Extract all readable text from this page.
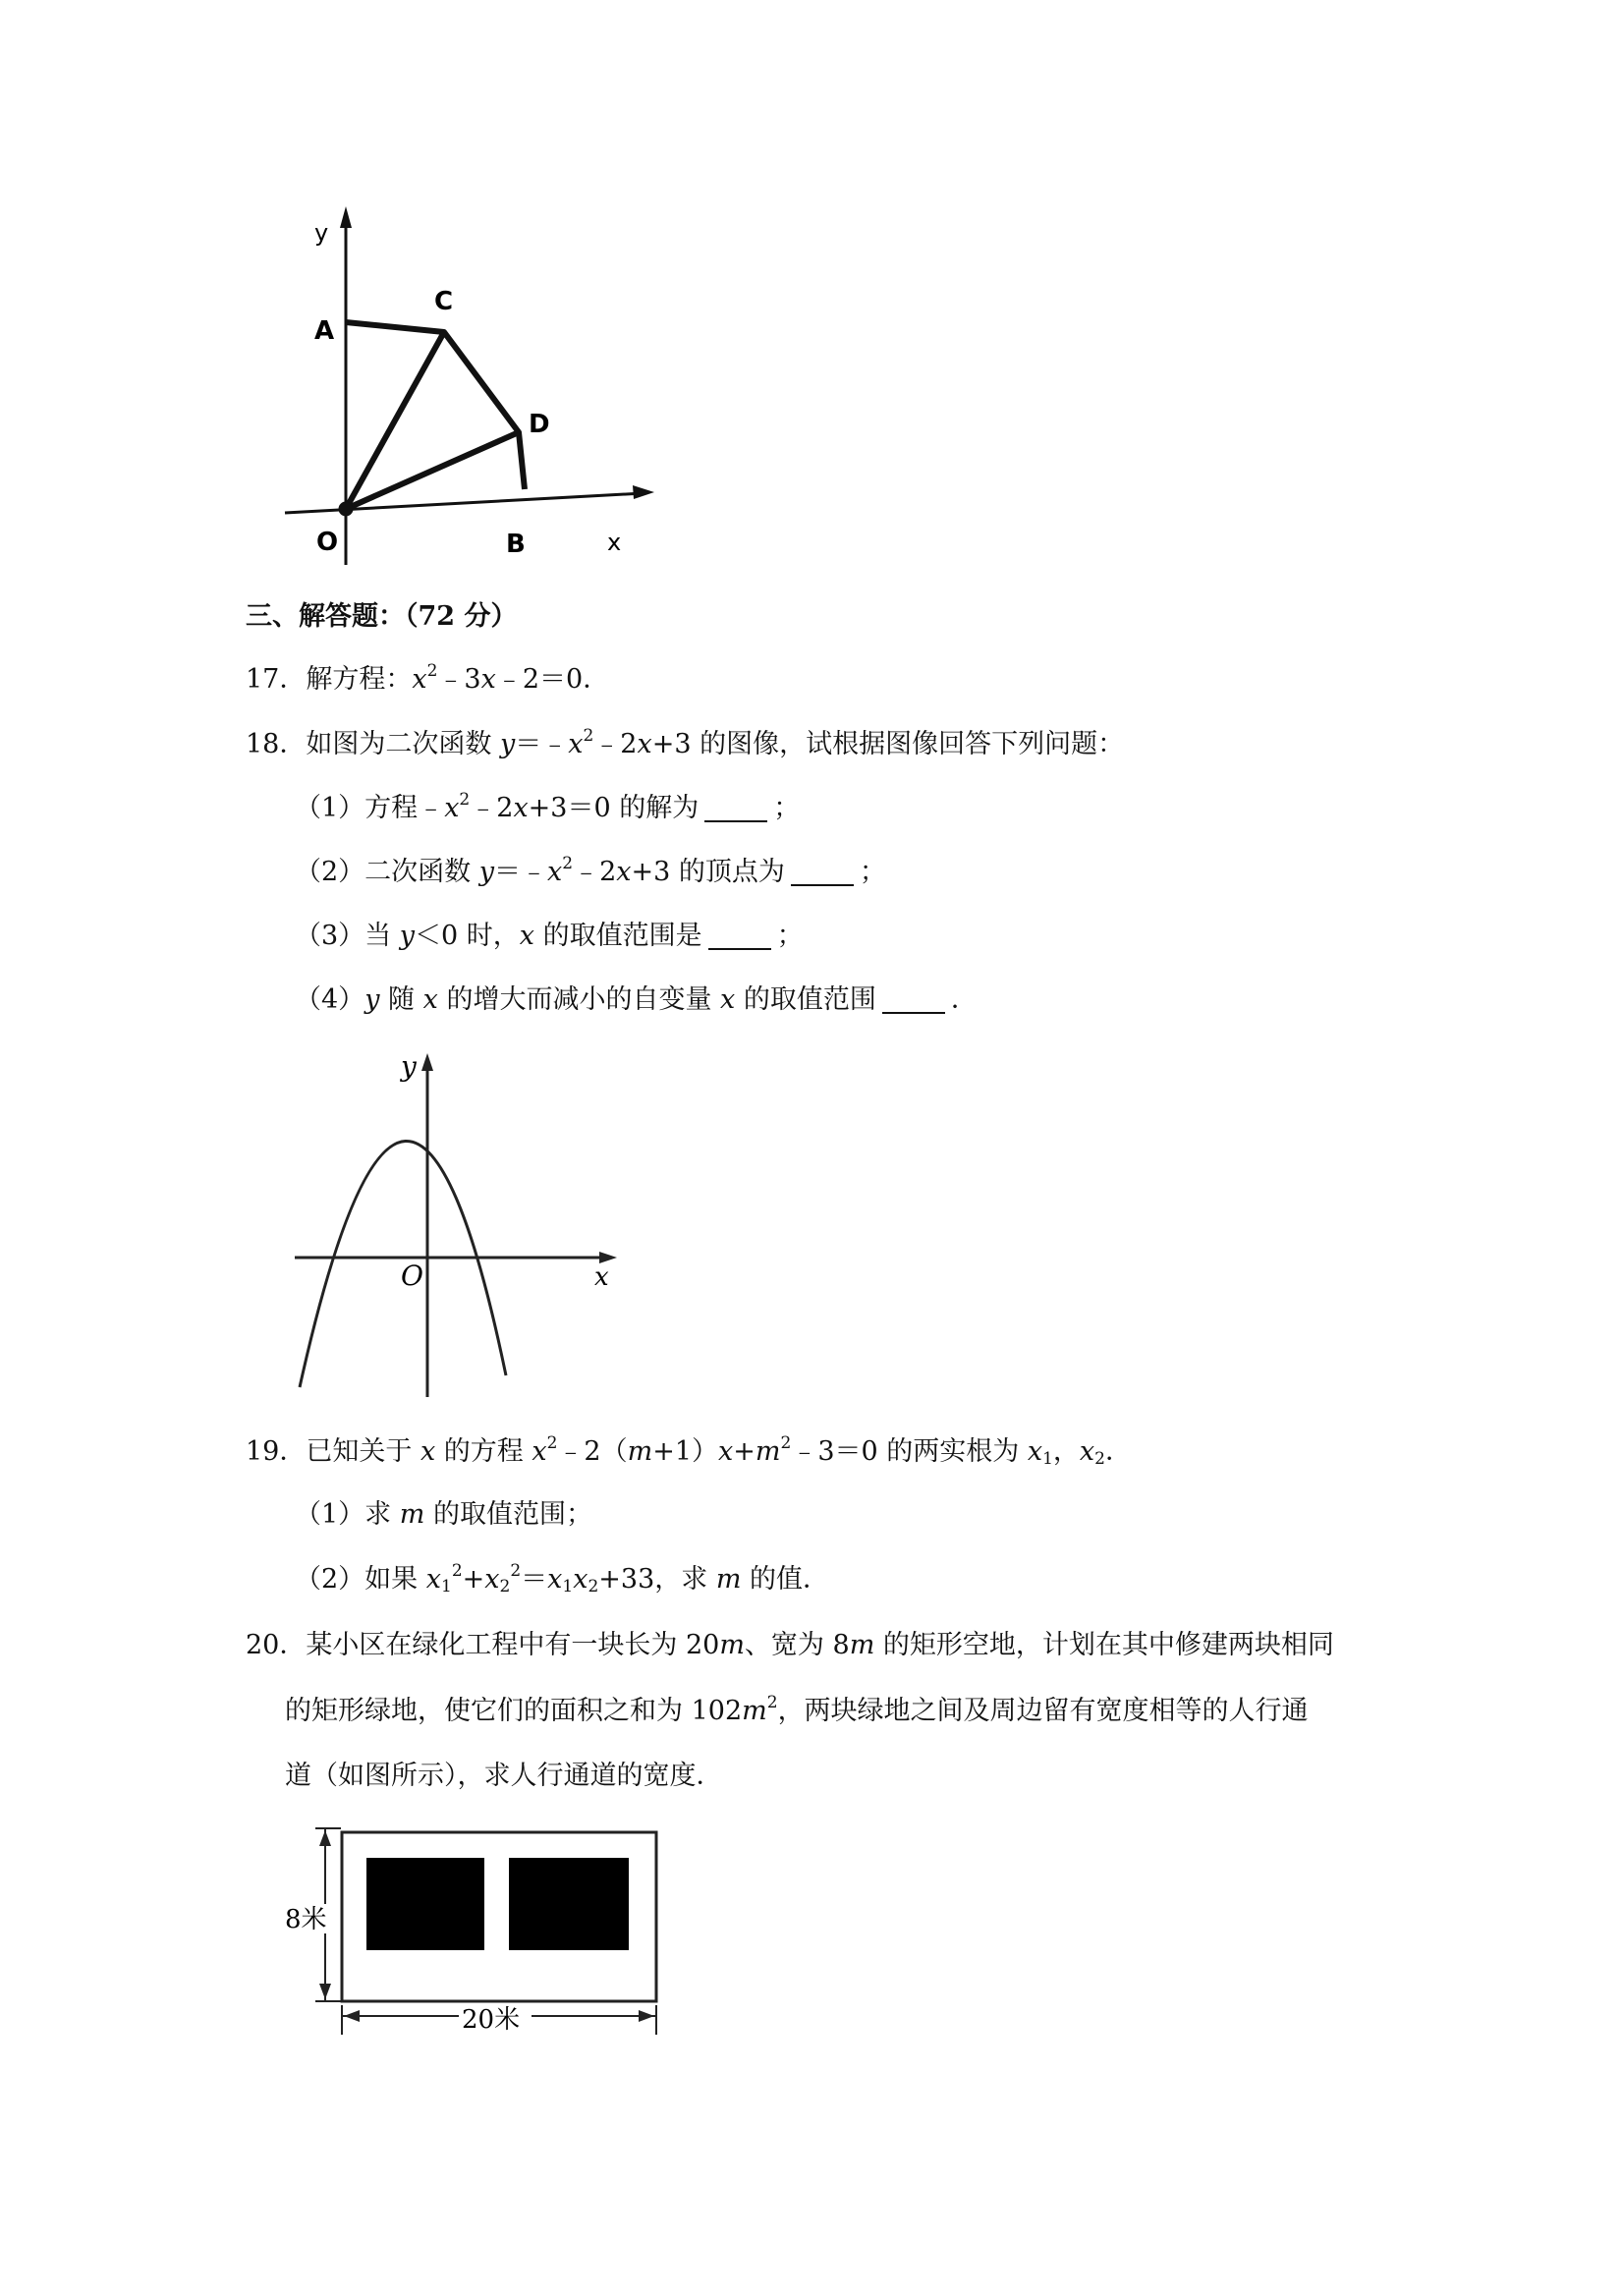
y
A
C
D
O	B	x
三、解答题：（72 分）
17．解方程：$x^2﹣3x﹣2=0$．
18．如图为二次函数 $y=﹣x^2﹣2x+3$ 的图像，试根据图像回答下列问题：
（1）方程$﹣x^2﹣2x+3=0$ 的解为	；
（2）二次函数 $y=﹣x^2﹣2x+3$ 的顶点为	；
（3）当 y＜0 时，x 的取值范围是	；
（4）y 随 x 的增大而减小的自变量 x 的取值范围	．
y
O	x
19．已知关于 x 的方程 $x^2﹣2(m+1)x+m^2﹣3=0$ 的两实根为 $x_1$，$x_2$．
（1）求 m 的取值范围；
（2）如果 $x_1^2+x_2^2=x_1x_2+33$，求 m 的值．
20．某小区在绿化工程中有一块长为 20m、宽为 8m 的矩形空地，计划在其中修建两块相同
的矩形绿地，使它们的面积之和为 $102m^2$，两块绿地之间及周边留有宽度相等的人行通
道（如图所示），求人行通道的宽度．
8米
20米
